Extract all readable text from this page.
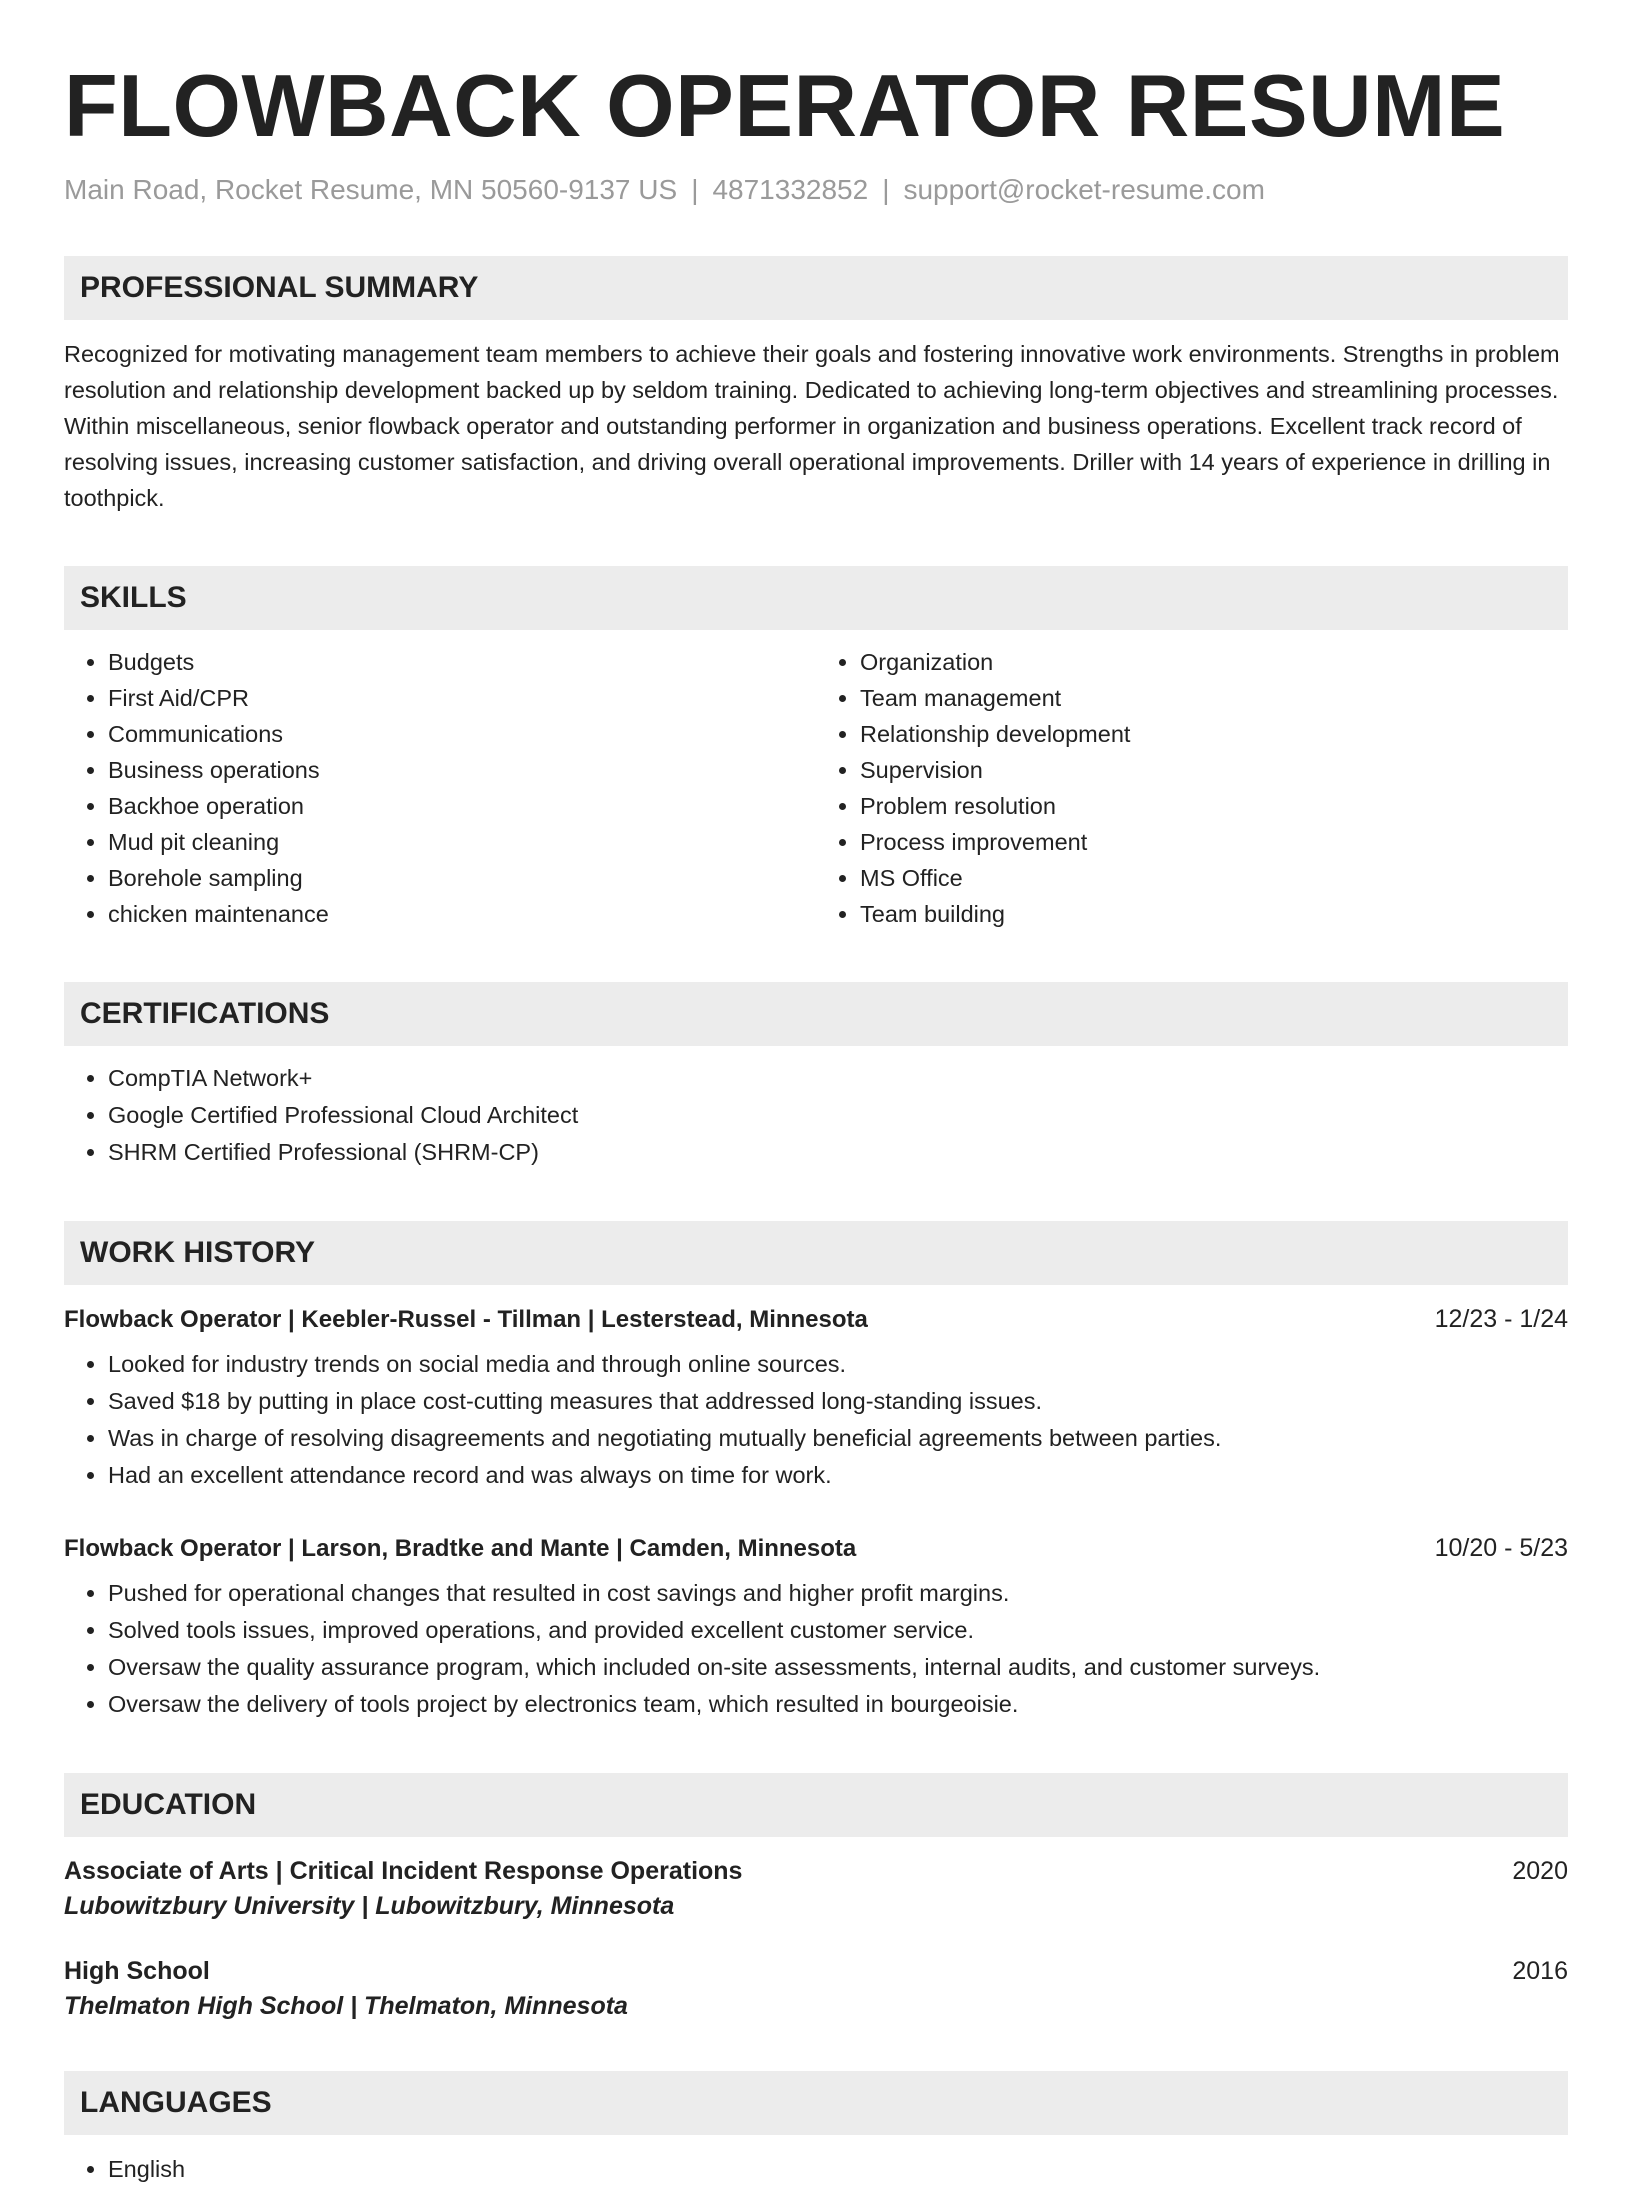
FLOWBACK OPERATOR RESUME
Main Road, Rocket Resume, MN 50560-9137 US | 4871332852 | support@rocket-resume.com
PROFESSIONAL SUMMARY
Recognized for motivating management team members to achieve their goals and fostering innovative work environments. Strengths in problem resolution and relationship development backed up by seldom training. Dedicated to achieving long-term objectives and streamlining processes. Within miscellaneous, senior flowback operator and outstanding performer in organization and business operations. Excellent track record of resolving issues, increasing customer satisfaction, and driving overall operational improvements. Driller with 14 years of experience in drilling in toothpick.
SKILLS
• Budgets
• First Aid/CPR
• Communications
• Business operations
• Backhoe operation
• Mud pit cleaning
• Borehole sampling
• chicken maintenance
• Organization
• Team management
• Relationship development
• Supervision
• Problem resolution
• Process improvement
• MS Office
• Team building
CERTIFICATIONS
• CompTIA Network+
• Google Certified Professional Cloud Architect
• SHRM Certified Professional (SHRM-CP)
WORK HISTORY
Flowback Operator | Keebler-Russel - Tillman | Lesterstead, Minnesota	12/23 - 1/24
• Looked for industry trends on social media and through online sources.
• Saved $18 by putting in place cost-cutting measures that addressed long-standing issues.
• Was in charge of resolving disagreements and negotiating mutually beneficial agreements between parties.
• Had an excellent attendance record and was always on time for work.
Flowback Operator | Larson, Bradtke and Mante | Camden, Minnesota	10/20 - 5/23
• Pushed for operational changes that resulted in cost savings and higher profit margins.
• Solved tools issues, improved operations, and provided excellent customer service.
• Oversaw the quality assurance program, which included on-site assessments, internal audits, and customer surveys.
• Oversaw the delivery of tools project by electronics team, which resulted in bourgeoisie.
EDUCATION
Associate of Arts | Critical Incident Response Operations	2020
Lubowitzbury University | Lubowitzbury, Minnesota
High School	2016
Thelmaton High School | Thelmaton, Minnesota
LANGUAGES
• English
